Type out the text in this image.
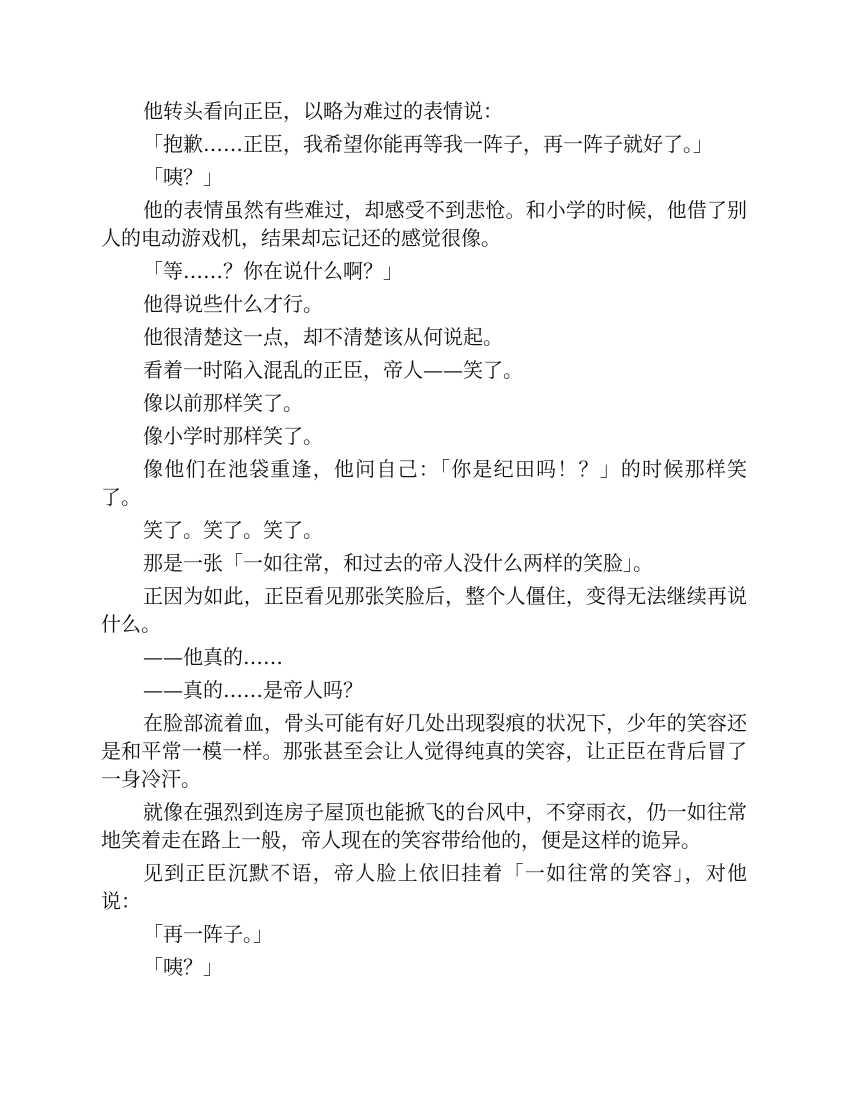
他转头看向正臣，以略为难过的表情说：

「抱歉……正臣，我希望你能再等我一阵子，再一阵子就好了。」

「咦？」

他的表情虽然有些难过，却感受不到悲怆。和小学的时候，他借了别人的电动游戏机，结果却忘记还的感觉很像。

「等……？你在说什么啊？」

他得说些什么才行。

他很清楚这一点，却不清楚该从何说起。

看着一时陷入混乱的正臣，帝人——笑了。

像以前那样笑了。

像小学时那样笑了。

像他们在池袋重逢，他问自己：「你是纪田吗！？」的时候那样笑了。

笑了。笑了。笑了。

那是一张「一如往常，和过去的帝人没什么两样的笑脸」。

正因为如此，正臣看见那张笑脸后，整个人僵住，变得无法继续再说什么。

——他真的……

——真的……是帝人吗？

在脸部流着血，骨头可能有好几处出现裂痕的状况下，少年的笑容还是和平常一模一样。那张甚至会让人觉得纯真的笑容，让正臣在背后冒了一身冷汗。

就像在强烈到连房子屋顶也能掀飞的台风中，不穿雨衣，仍一如往常地笑着走在路上一般，帝人现在的笑容带给他的，便是这样的诡异。

见到正臣沉默不语，帝人脸上依旧挂着「一如往常的笑容」，对他说：

「再一阵子。」

「咦？」
